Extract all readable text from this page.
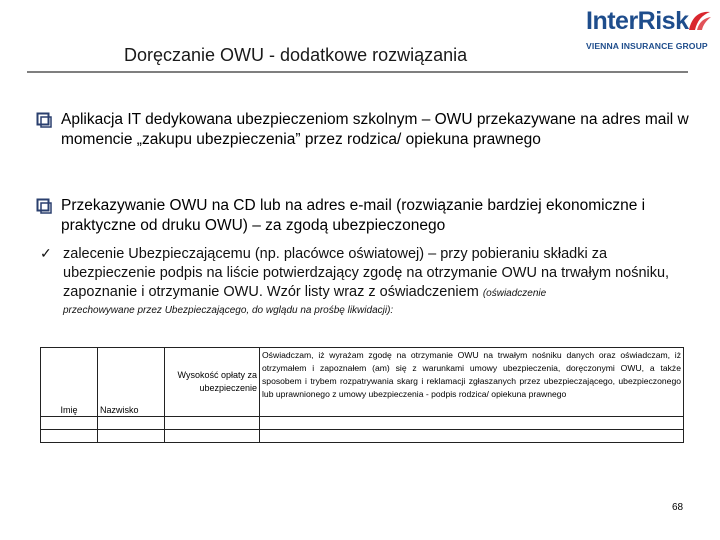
Doręczanie OWU - dodatkowe rozwiązania
InterRisk
VIENNA INSURANCE GROUP
Aplikacja IT dedykowana ubezpieczeniom szkolnym – OWU przekazywane na adres mail w momencie „zakupu ubezpieczenia” przez rodzica/ opiekuna prawnego
Przekazywanie OWU na CD lub na adres e-mail (rozwiązanie bardziej ekonomiczne i praktyczne od druku OWU) – za zgodą ubezpieczonego
✓ zalecenie Ubezpieczającemu (np. placówce oświatowej) – przy pobieraniu składki za ubezpieczenie podpis na liście potwierdzający zgodę na otrzymanie OWU na trwałym nośniku, zapoznanie i otrzymanie OWU. Wzór listy wraz z oświadczeniem (oświadczenie
przechowywane przez Ubezpieczającego, do wglądu na prośbę likwidacji):
Imię	Nazwisko	Wysokość opłaty za ubezpieczenie	Oświadczam, iż wyrażam zgodę na otrzymanie OWU na trwałym nośniku danych oraz oświadczam, iż otrzymałem i zapoznałem (am) się z warunkami umowy ubezpieczenia, doręczonymi OWU, a także sposobem i trybem rozpatrywania skarg i reklamacji zgłaszanych przez ubezpieczającego, ubezpieczonego lub uprawnionego z umowy ubezpieczenia - podpis rodzica/ opiekuna prawnego

68
